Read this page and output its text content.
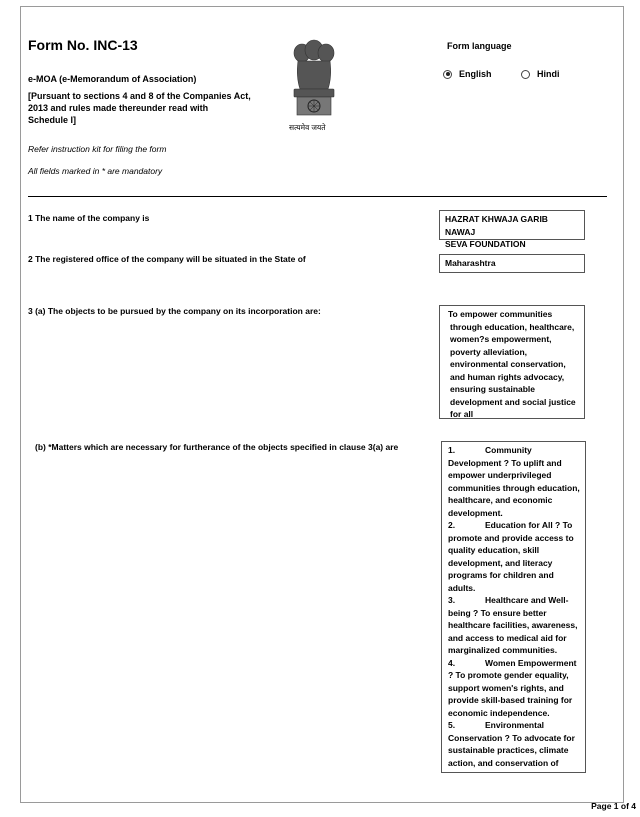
Form No. INC-13
e-MOA (e-Memorandum of Association)
[Pursuant to sections 4 and 8 of the Companies Act,
2013 and rules made thereunder read with
Schedule I]
Refer instruction kit for filing the form
All fields marked in * are mandatory
सत्यमेव जयते
Form language
English	Hindi
1 The name of the company is	HAZRAT KHWAJA GARIB NAWAJ
SEVA FOUNDATION
2 The registered office of the company will be situated in the State of	Maharashtra
3 (a) The objects to be pursued by the company on its incorporation are:	To empower communities
through education, healthcare,
women?s empowerment,
poverty alleviation,
environmental conservation,
and human rights advocacy,
ensuring sustainable
development and social justice
for all
(b) *Matters which are necessary for furtherance of the objects specified in clause 3(a) are	1.	Community
Development ? To uplift and
empower underprivileged
communities through education,
healthcare, and economic
development.
2.	Education for All ? To
promote and provide access to
quality education, skill
development, and literacy
programs for children and
adults.
3.	Healthcare and Well-
being ? To ensure better
healthcare facilities, awareness,
and access to medical aid for
marginalized communities.
4.	Women Empowerment
? To promote gender equality,
support women's rights, and
provide skill-based training for
economic independence.
5.	Environmental
Conservation ? To advocate for
sustainable practices, climate
action, and conservation of
Page 1 of 4
